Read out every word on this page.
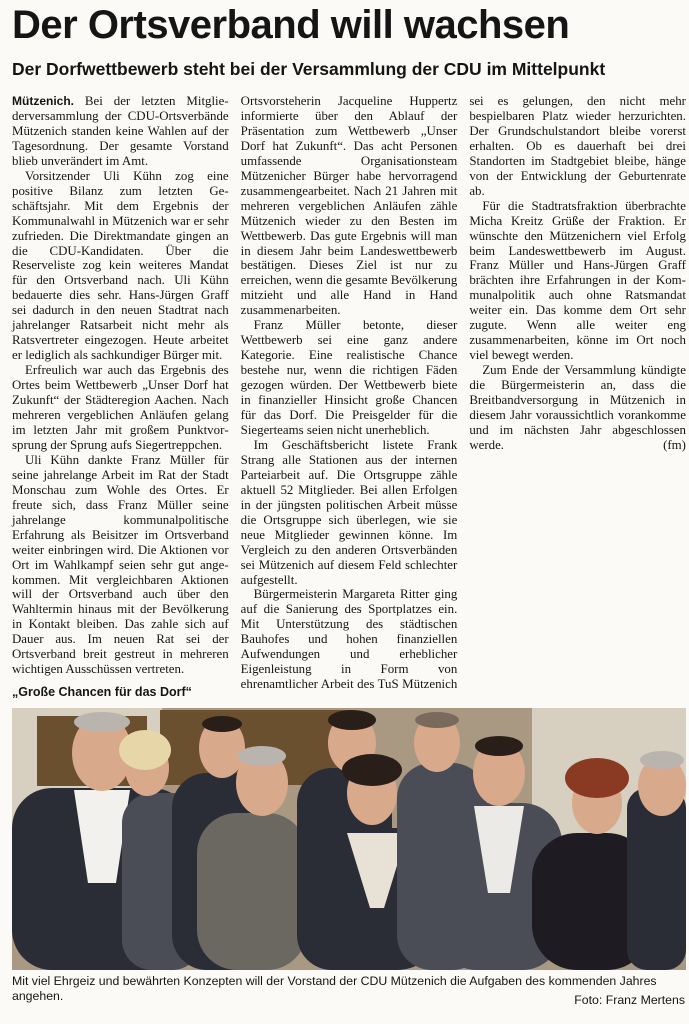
Der Ortsverband will wachsen
Der Dorfwettbewerb steht bei der Versammlung der CDU im Mittelpunkt

Mützenich. Bei der letzten Mitgliederversammlung der CDU-Ortsverbände Mützenich standen keine Wahlen auf der Tagesordnung. Der gesamte Vorstand blieb unverändert im Amt.

Vorsitzender Uli Kühn zog eine positive Bilanz zum letzten Geschäftsjahr. Mit dem Ergebnis der Kommunalwahl in Mützenich war er sehr zufrieden. Die Direktmandate gingen an die CDU-Kandidaten. Über die Reserveliste zog kein weiteres Mandat für den Ortsverband nach. Uli Kühn bedauerte dies sehr. Hans-Jürgen Graff sei dadurch in den neuen Stadtrat nach jahrelanger Ratsarbeit nicht mehr als Ratsvertreter eingezogen. Heute arbeitet er lediglich als sachkundiger Bürger mit.

Erfreulich war auch das Ergebnis des Ortes beim Wettbewerb „Unser Dorf hat Zukunft“ der Städteregion Aachen. Nach mehreren vergeblichen Anläufen gelang im letzten Jahr mit großem Punktvorsprung der Sprung aufs Siegertreppchen.

Uli Kühn dankte Franz Müller für seine jahrelange Arbeit im Rat der Stadt Monschau zum Wohle des Ortes. Er freute sich, dass Franz Müller seine jahrelange kommunalpolitische Erfahrung als Beisitzer im Ortsverband weiter einbringen wird. Die Aktionen vor Ort im Wahlkampf seien sehr gut angekommen. Mit vergleichbaren Aktionen will der Ortsverband auch über den Wahltermin hinaus mit der Bevölkerung in Kontakt bleiben. Das zahle sich auf Dauer aus. Im neuen Rat sei der Ortsverband breit gestreut in mehreren wichtigen Ausschüssen vertreten.

„Große Chancen für das Dorf“

Ortsvorsteherin Jacqueline Huppertz informierte über den Ablauf der Präsentation zum Wettbewerb „Unser Dorf hat Zukunft“. Das acht Personen umfassende Organisationsteam Mützenicher Bürger habe hervorragend zusammengearbeitet. Nach 21 Jahren mit mehreren vergeblichen Anläufen zähle Mützenich wieder zu den Besten im Wettbewerb. Das gute Ergebnis will man in diesem Jahr beim Landeswettbewerb bestätigen. Dieses Ziel ist nur zu erreichen, wenn die gesamte Bevölkerung mitzieht und alle Hand in Hand zusammenarbeiten.

Franz Müller betonte, dieser Wettbewerb sei eine ganz andere Kategorie. Eine realistische Chance bestehe nur, wenn die richtigen Fäden gezogen würden. Der Wettbewerb biete in finanzieller Hinsicht große Chancen für das Dorf. Die Preisgelder für die Siegerteams seien nicht unerheblich.

Im Geschäftsbericht listete Frank Strang alle Stationen aus der internen Parteiarbeit auf. Die Ortsgruppe zähle aktuell 52 Mitglieder. Bei allen Erfolgen in der jüngsten politischen Arbeit müsse die Ortsgruppe sich überlegen, wie sie neue Mitglieder gewinnen könne. Im Vergleich zu den anderen Ortsverbänden sei Mützenich auf diesem Feld schlechter aufgestellt.

Bürgermeisterin Margareta Ritter ging auf die Sanierung des Sportplatzes ein. Mit Unterstützung des städtischen Bauhofes und hohen finanziellen Aufwendungen und erheblicher Eigenleistung in Form von ehrenamtlicher Arbeit des TuS Mützenich sei es gelungen, den nicht mehr bespielbaren Platz wieder herzurichten. Der Grundschulstandort bleibe vorerst erhalten. Ob es dauerhaft bei drei Standorten im Stadtgebiet bleibe, hänge von der Entwicklung der Geburtenrate ab.

Für die Stadtratsfraktion überbrachte Micha Kreitz Grüße der Fraktion. Er wünschte den Mützenichern viel Erfolg beim Landeswettbewerb im August. Franz Müller und Hans-Jürgen Graff brächten ihre Erfahrungen in der Kommunalpolitik auch ohne Ratsmandat weiter ein. Das komme dem Ort sehr zugute. Wenn alle weiter eng zusammenarbeiten, könne im Ort noch viel bewegt werden.

Zum Ende der Versammlung kündigte die Bürgermeisterin an, dass die Breitbandversorgung in Mützenich in diesem Jahr voraussichtlich vorankomme und im nächsten Jahr abgeschlossen werde.	(fm)

Mit viel Ehrgeiz und bewährten Konzepten will der Vorstand der CDU Mützenich die Aufgaben des kommenden Jahres angehen.	Foto: Franz Mertens
